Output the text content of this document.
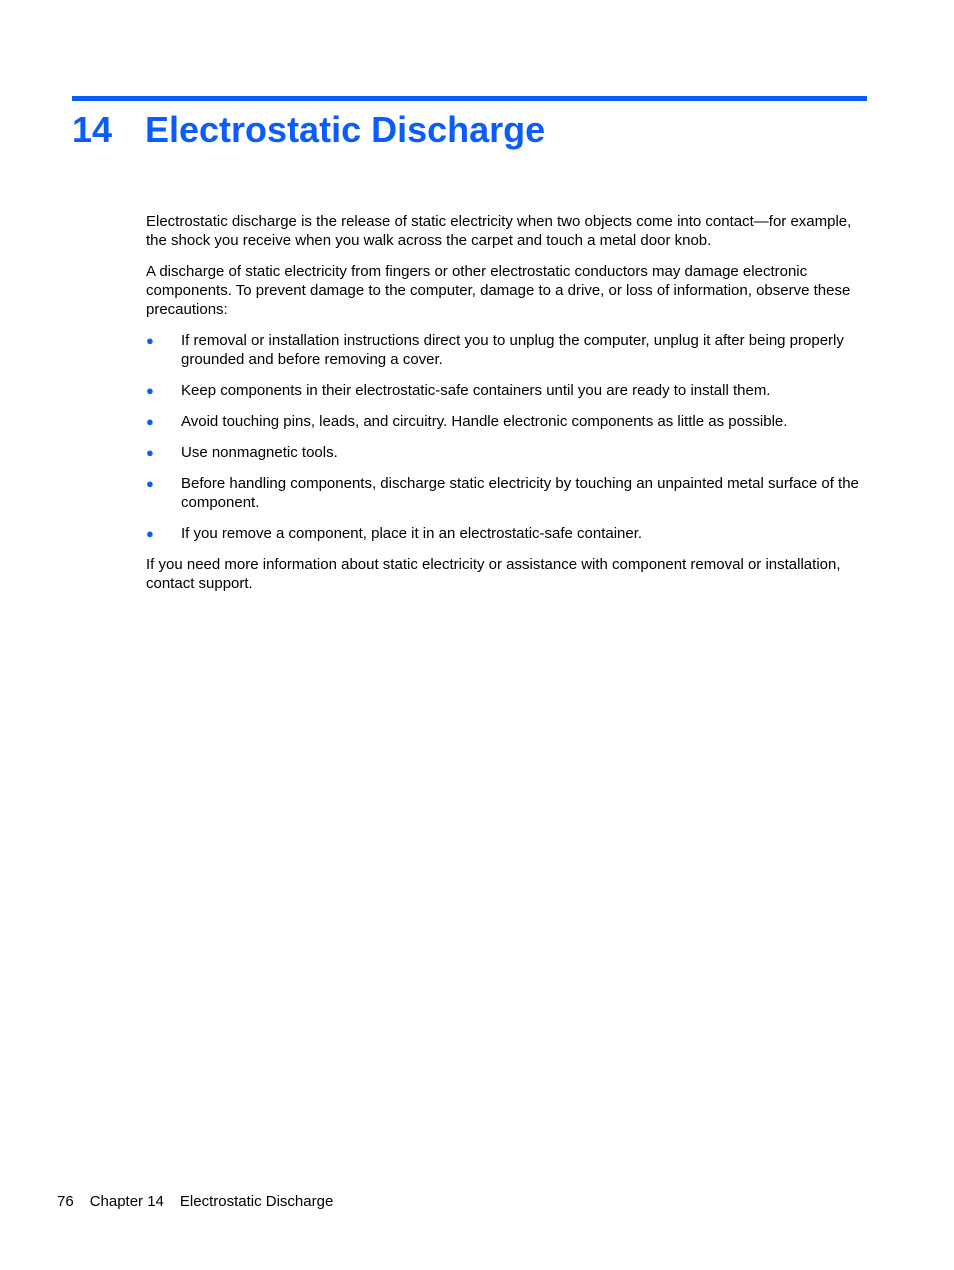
14 Electrostatic Discharge

Electrostatic discharge is the release of static electricity when two objects come into contact—for example, the shock you receive when you walk across the carpet and touch a metal door knob.

A discharge of static electricity from fingers or other electrostatic conductors may damage electronic components. To prevent damage to the computer, damage to a drive, or loss of information, observe these precautions:

● If removal or installation instructions direct you to unplug the computer, unplug it after being properly grounded and before removing a cover.
● Keep components in their electrostatic-safe containers until you are ready to install them.
● Avoid touching pins, leads, and circuitry. Handle electronic components as little as possible.
● Use nonmagnetic tools.
● Before handling components, discharge static electricity by touching an unpainted metal surface of the component.
● If you remove a component, place it in an electrostatic-safe container.

If you need more information about static electricity or assistance with component removal or installation, contact support.

76 Chapter 14 Electrostatic Discharge
